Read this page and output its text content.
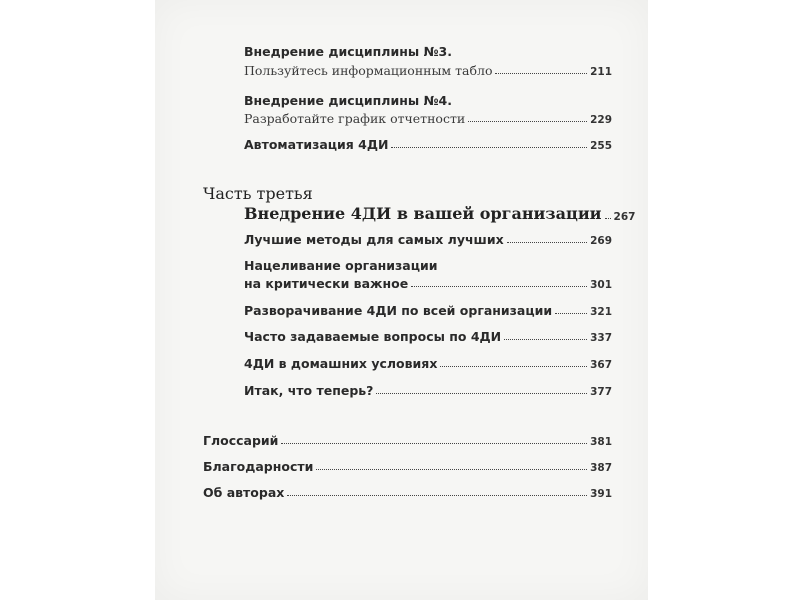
Внедрение дисциплины №3.
Пользуйтесь информационным табло	211
Внедрение дисциплины №4.
Разработайте график отчетности	229
Автоматизация 4ДИ	255
Часть третья
Внедрение 4ДИ в вашей организации 267
Лучшие методы для самых лучших	269
Нацеливание организации
на критически важное	301
Разворачивание 4ДИ по всей организации	321
Часто задаваемые вопросы по 4ДИ	337
4ДИ в домашних условиях	367
Итак, что теперь?	377
Глоссарий	381
Благодарности	387
Об авторах	391
